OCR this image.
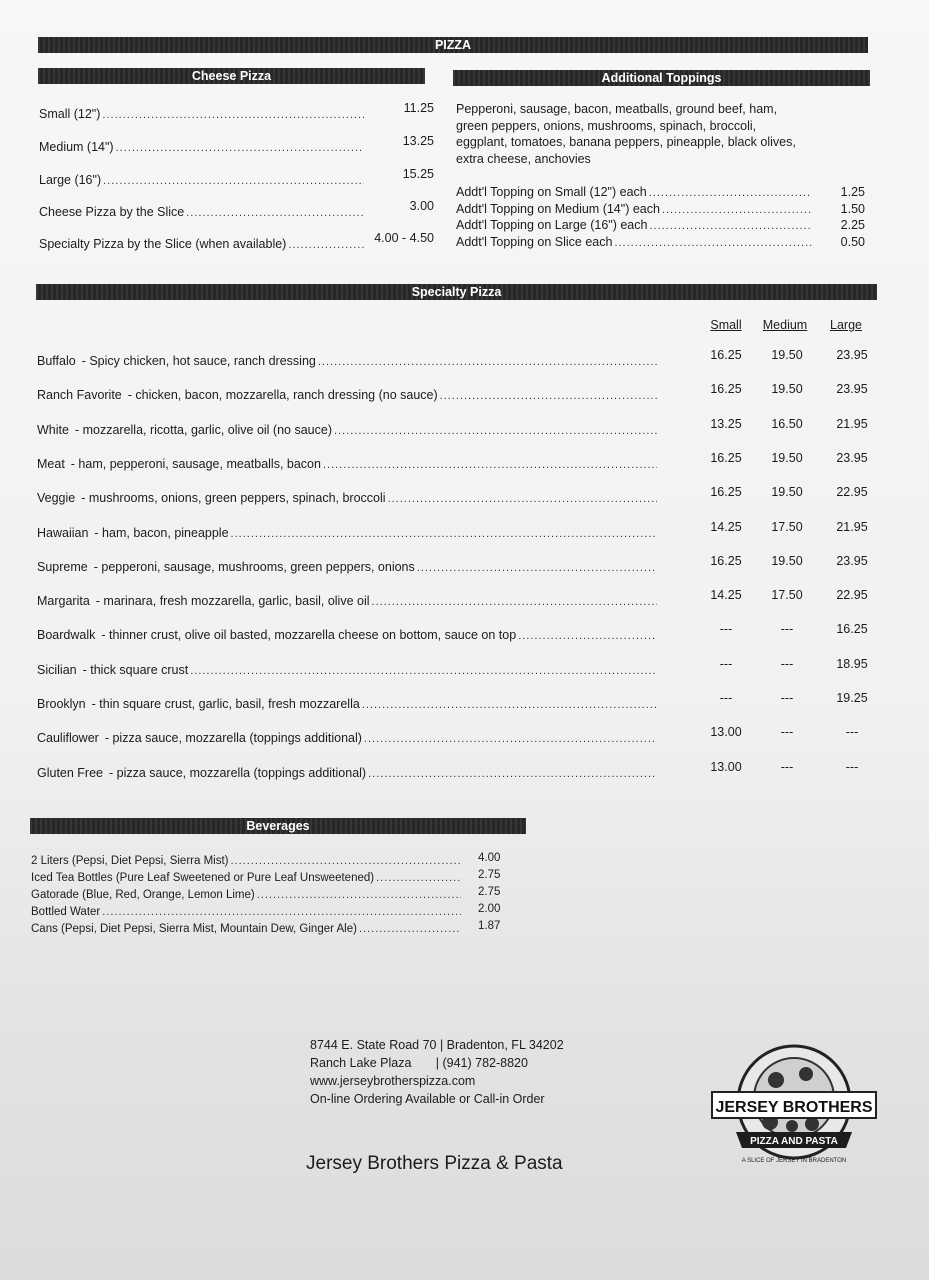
PIZZA
Cheese Pizza
Small (12") .....	11.25
Medium (14") .....	13.25
Large (16") .....	15.25
Cheese Pizza by the Slice .....	3.00
Specialty Pizza by the Slice (when available) .....	4.00 - 4.50
Additional Toppings
Pepperoni, sausage, bacon, meatballs, ground beef, ham,
green peppers, onions, mushrooms, spinach, broccoli,
eggplant, tomatoes, banana peppers, pineapple, black olives,
extra cheese, anchovies
Addt'l Topping on Small (12") each .....	1.25
Addt'l Topping on Medium (14") each .....	1.50
Addt'l Topping on Large (16") each .....	2.25
Addt'l Topping on Slice each .....	0.50
Specialty Pizza
Small	Medium	Large
Buffalo - Spicy chicken, hot sauce, ranch dressing .....	16.25	19.50	23.95
Ranch Favorite - chicken, bacon, mozzarella, ranch dressing (no sauce) .....	16.25	19.50	23.95
White - mozzarella, ricotta, garlic, olive oil (no sauce) .....	13.25	16.50	21.95
Meat - ham, pepperoni, sausage, meatballs, bacon .....	16.25	19.50	23.95
Veggie - mushrooms, onions, green peppers, spinach, broccoli .....	16.25	19.50	22.95
Hawaiian - ham, bacon, pineapple .....	14.25	17.50	21.95
Supreme - pepperoni, sausage, mushrooms, green peppers, onions .....	16.25	19.50	23.95
Margarita - marinara, fresh mozzarella, garlic, basil, olive oil .....	14.25	17.50	22.95
Boardwalk - thinner crust, olive oil basted, mozzarella cheese on bottom, sauce on top .....	---	---	16.25
Sicilian - thick square crust .....	---	---	18.95
Brooklyn - thin square crust, garlic, basil, fresh mozzarella .....	---	---	19.25
Cauliflower - pizza sauce, mozzarella (toppings additional) .....	13.00	---	---
Gluten Free - pizza sauce, mozzarella (toppings additional) .....	13.00	---	---
Beverages
2 Liters (Pepsi, Diet Pepsi, Sierra Mist) .....	4.00
Iced Tea Bottles (Pure Leaf Sweetened or Pure Leaf Unsweetened) .....	2.75
Gatorade (Blue, Red, Orange, Lemon Lime) .....	2.75
Bottled Water .....	2.00
Cans (Pepsi, Diet Pepsi, Sierra Mist, Mountain Dew, Ginger Ale) .....	1.87
8744 E. State Road 70 | Bradenton, FL 34202
Ranch Lake Plaza       | (941) 782-8820
www.jerseybrotherspizza.com
On-line Ordering Available or Call-in Order
Jersey Brothers Pizza & Pasta
JERSEY BROTHERS
PIZZA AND PASTA
A SLICE OF JERSEY IN BRADENTON
